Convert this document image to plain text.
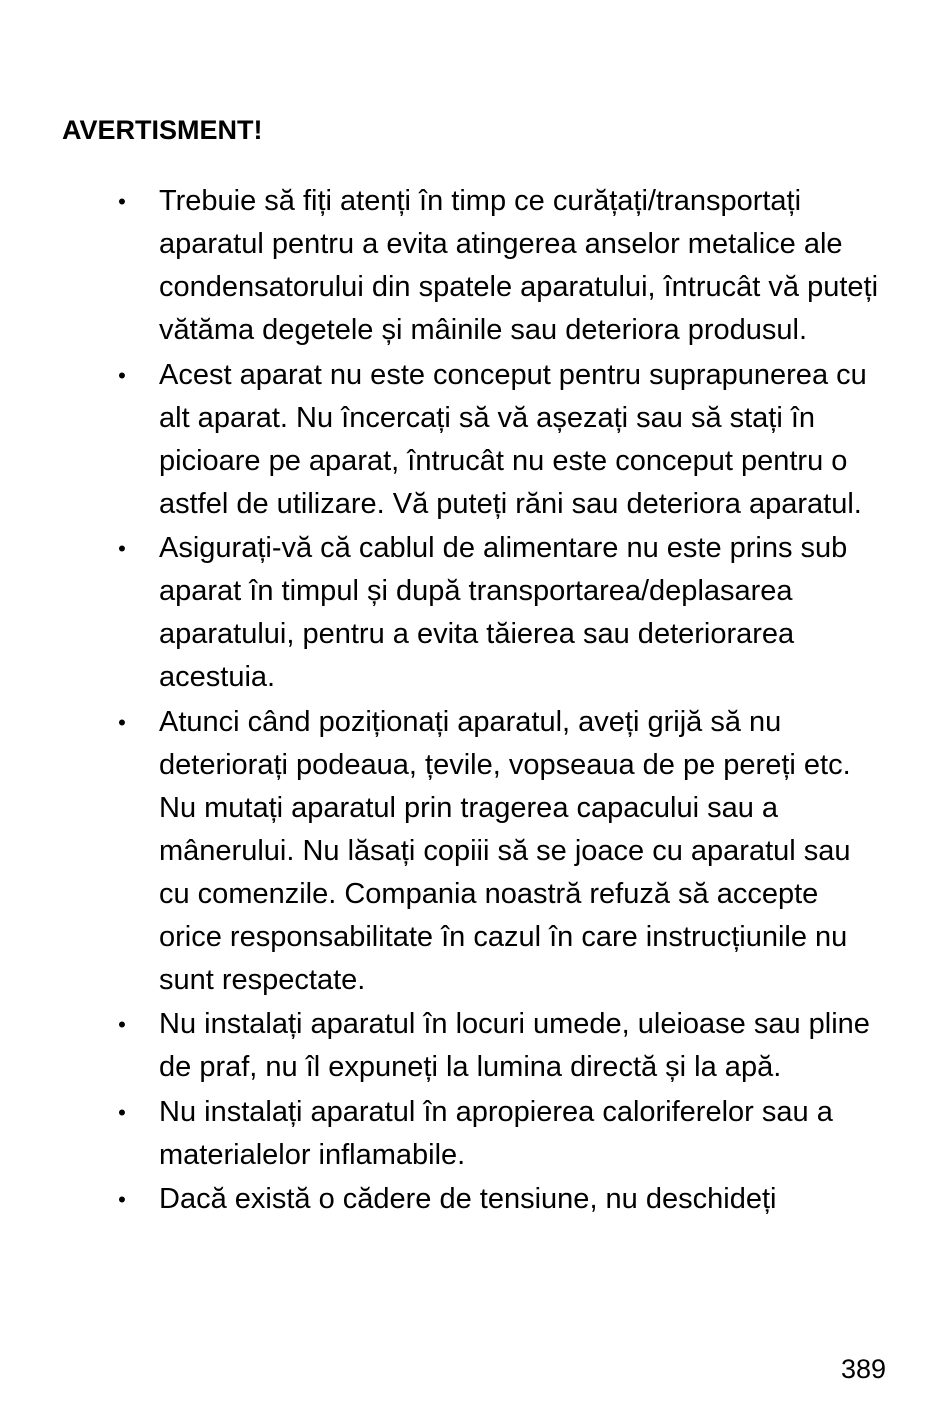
AVERTISMENT!
• Trebuie să fiți atenți în timp ce curățați/transportați aparatul pentru a evita atingerea anselor metalice ale condensatorului din spatele aparatului, întrucât vă puteți vătăma degetele și mâinile sau deteriora produsul.
• Acest aparat nu este conceput pentru suprapunerea cu alt aparat. Nu încercați să vă așezați sau să stați în picioare pe aparat, întrucât nu este conceput pentru o astfel de utilizare. Vă puteți răni sau deteriora aparatul.
• Asigurați-vă că cablul de alimentare nu este prins sub aparat în timpul și după transportarea/deplasarea aparatului, pentru a evita tăierea sau deteriorarea acestuia.
• Atunci când poziționați aparatul, aveți grijă să nu deteriorați podeaua, țevile, vopseaua de pe pereți etc. Nu mutați aparatul prin tragerea capacului sau a mânerului. Nu lăsați copiii să se joace cu aparatul sau cu comenzile. Compania noastră refuză să accepte orice responsabilitate în cazul în care instrucțiunile nu sunt respectate.
• Nu instalați aparatul în locuri umede, uleioase sau pline de praf, nu îl expuneți la lumina directă și la apă.
• Nu instalați aparatul în apropierea caloriferelor sau a materialelor inflamabile.
• Dacă există o cădere de tensiune, nu deschideți
389
